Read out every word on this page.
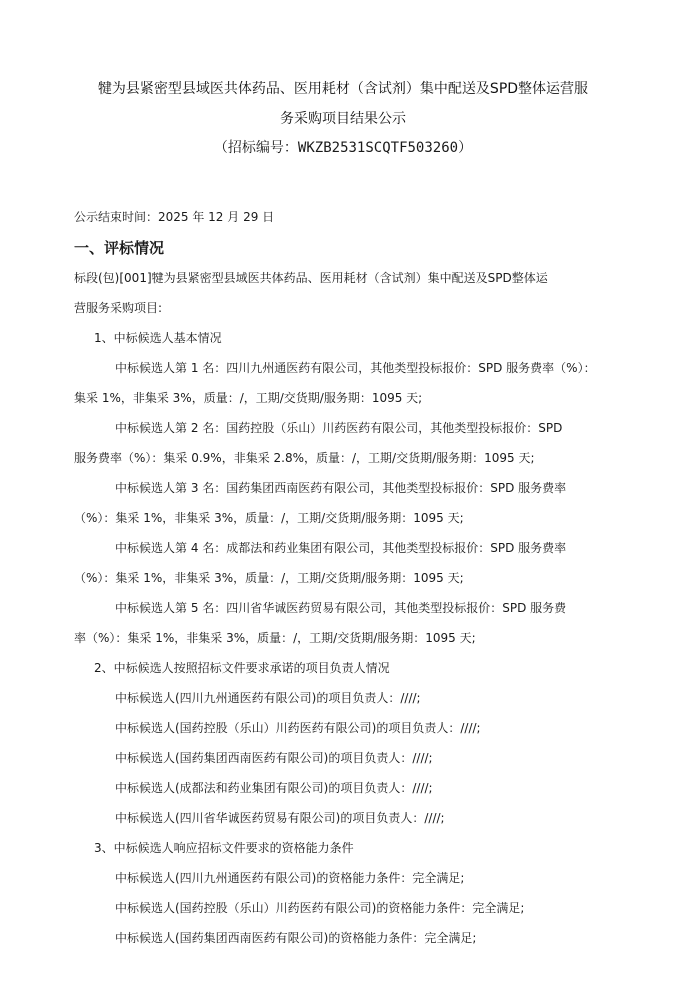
犍为县紧密型县域医共体药品、医用耗材（含试剂）集中配送及SPD整体运营服
务采购项目结果公示
（招标编号：WKZB2531SCQTF503260）
公示结束时间：2025 年 12 月 29 日
一、评标情况
标段(包)[001]犍为县紧密型县域医共体药品、医用耗材（含试剂）集中配送及SPD整体运
营服务采购项目:
1、中标候选人基本情况
中标候选人第 1 名：四川九州通医药有限公司，其他类型投标报价：SPD 服务费率（%）：
集采 1%，非集采 3%，质量：/，工期/交货期/服务期：1095 天;
中标候选人第 2 名：国药控股（乐山）川药医药有限公司，其他类型投标报价：SPD
服务费率（%）：集采 0.9%，非集采 2.8%，质量：/，工期/交货期/服务期：1095 天;
中标候选人第 3 名：国药集团西南医药有限公司，其他类型投标报价：SPD 服务费率
（%）：集采 1%，非集采 3%，质量：/，工期/交货期/服务期：1095 天;
中标候选人第 4 名：成都法和药业集团有限公司，其他类型投标报价：SPD 服务费率
（%）：集采 1%，非集采 3%，质量：/，工期/交货期/服务期：1095 天;
中标候选人第 5 名：四川省华诚医药贸易有限公司，其他类型投标报价：SPD 服务费
率（%）：集采 1%，非集采 3%，质量：/，工期/交货期/服务期：1095 天;
2、中标候选人按照招标文件要求承诺的项目负责人情况
中标候选人(四川九州通医药有限公司)的项目负责人：////;
中标候选人(国药控股（乐山）川药医药有限公司)的项目负责人：////;
中标候选人(国药集团西南医药有限公司)的项目负责人：////;
中标候选人(成都法和药业集团有限公司)的项目负责人：////;
中标候选人(四川省华诚医药贸易有限公司)的项目负责人：////;
3、中标候选人响应招标文件要求的资格能力条件
中标候选人(四川九州通医药有限公司)的资格能力条件：完全满足;
中标候选人(国药控股（乐山）川药医药有限公司)的资格能力条件：完全满足;
中标候选人(国药集团西南医药有限公司)的资格能力条件：完全满足;
